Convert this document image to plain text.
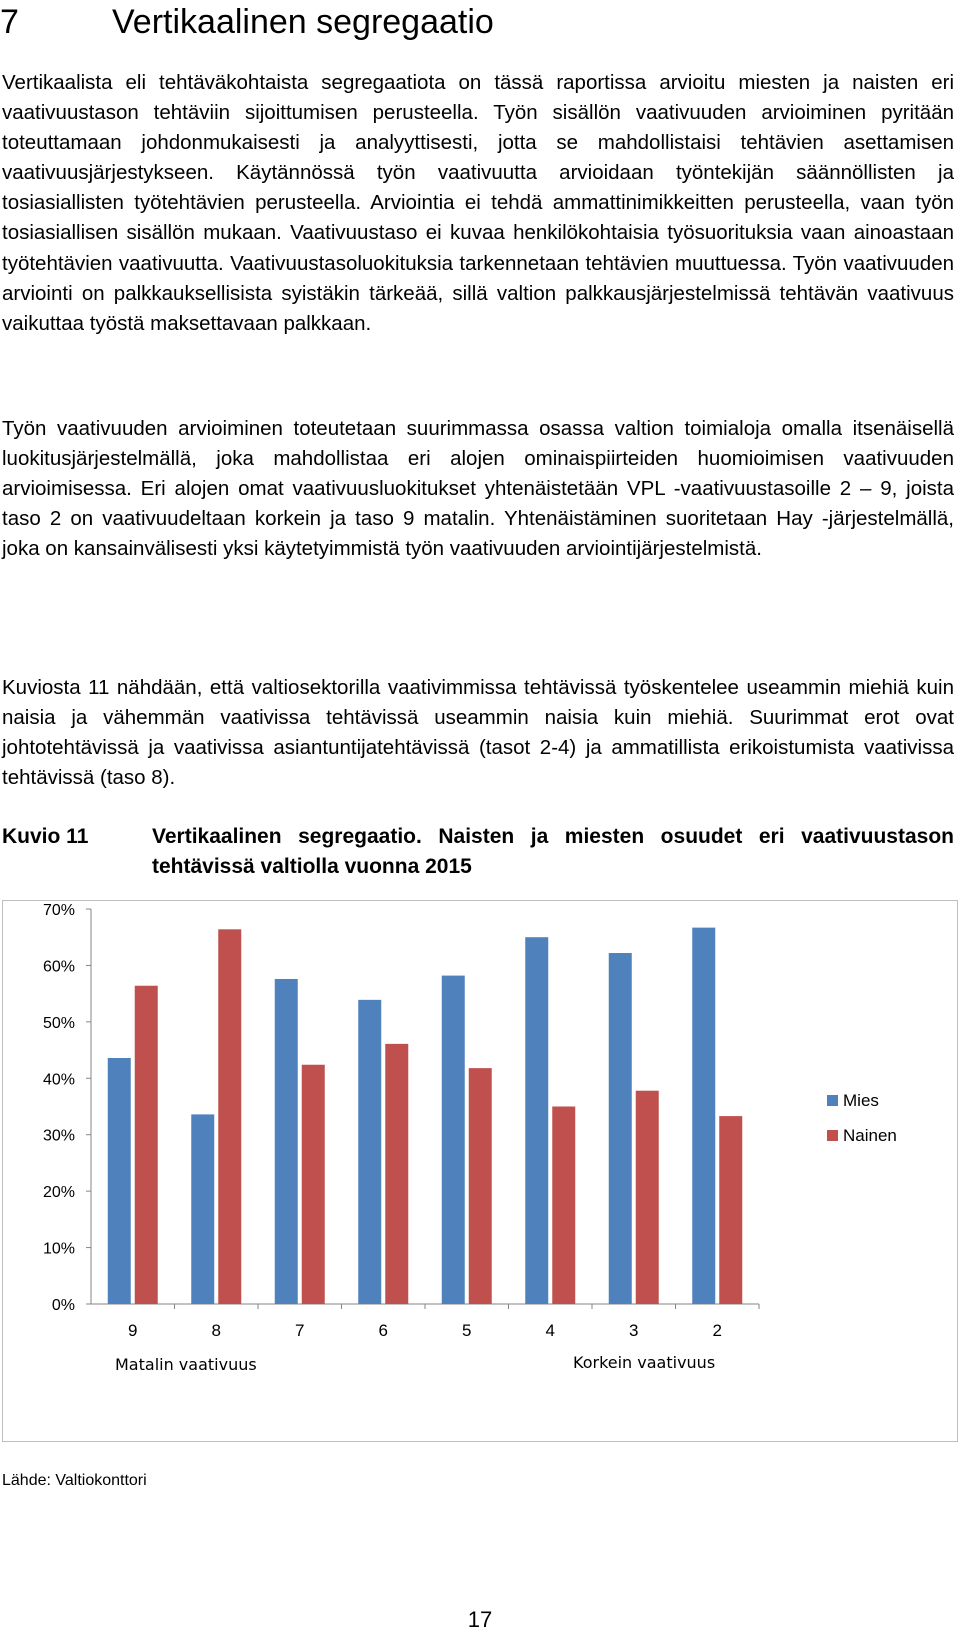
7	Vertikaalinen segregaatio

Vertikaalista eli tehtäväkohtaista segregaatiota on tässä raportissa arvioitu miesten ja naisten eri vaativuustason tehtäviin sijoittumisen perusteella. Työn sisällön vaativuuden arvioiminen pyritään toteuttamaan johdonmukaisesti ja analyyttisesti, jotta se mahdollistaisi tehtävien asettamisen vaativuusjärjestykseen. Käytännössä työn vaativuutta arvioidaan työntekijän säännöllisten ja tosiasiallisten työtehtävien perusteella. Arviointia ei tehdä ammattinimikkeitten perusteella, vaan työn tosiasiallisen sisällön mukaan. Vaativuustaso ei kuvaa henkilökohtaisia työsuorituksia vaan ainoastaan työtehtävien vaativuutta. Vaativuustasoluokituksia tarkennetaan tehtävien muuttuessa. Työn vaativuuden arviointi on palkkauksellisista syistäkin tärkeää, sillä valtion palkkausjärjestelmissä tehtävän vaativuus vaikuttaa työstä maksettavaan palkkaan.

Työn vaativuuden arvioiminen toteutetaan suurimmassa osassa valtion toimialoja omalla itsenäisellä luokitusjärjestelmällä, joka mahdollistaa eri alojen ominaispiirteiden huomioimisen vaativuuden arvioimisessa. Eri alojen omat vaativuusluokitukset yhtenäistetään VPL -vaativuustasoille 2 – 9, joista taso 2 on vaativuudeltaan korkein ja taso 9 matalin. Yhtenäistäminen suoritetaan Hay -järjestelmällä, joka on kansainvälisesti yksi käytetyimmistä työn vaativuuden arviointijärjestelmistä.

Kuviosta 11 nähdään, että valtiosektorilla vaativimmissa tehtävissä työskentelee useammin miehiä kuin naisia ja vähemmän vaativissa tehtävissä useammin naisia kuin miehiä. Suurimmat erot ovat johtotehtävissä ja vaativissa asiantuntijatehtävissä (tasot 2-4) ja ammatillista erikoistumista vaativissa tehtävissä (taso 8).

Kuvio 11	Vertikaalinen segregaatio. Naisten ja miesten osuudet eri vaativuustason tehtävissä valtiolla vuonna 2015

0%
10%
20%
30%
40%
50%
60%
70%
9	8	7	6	5	4	3	2
Matalin vaativuus	Korkein vaativuus
Mies
Nainen
Lähde: Valtiokonttori
17
